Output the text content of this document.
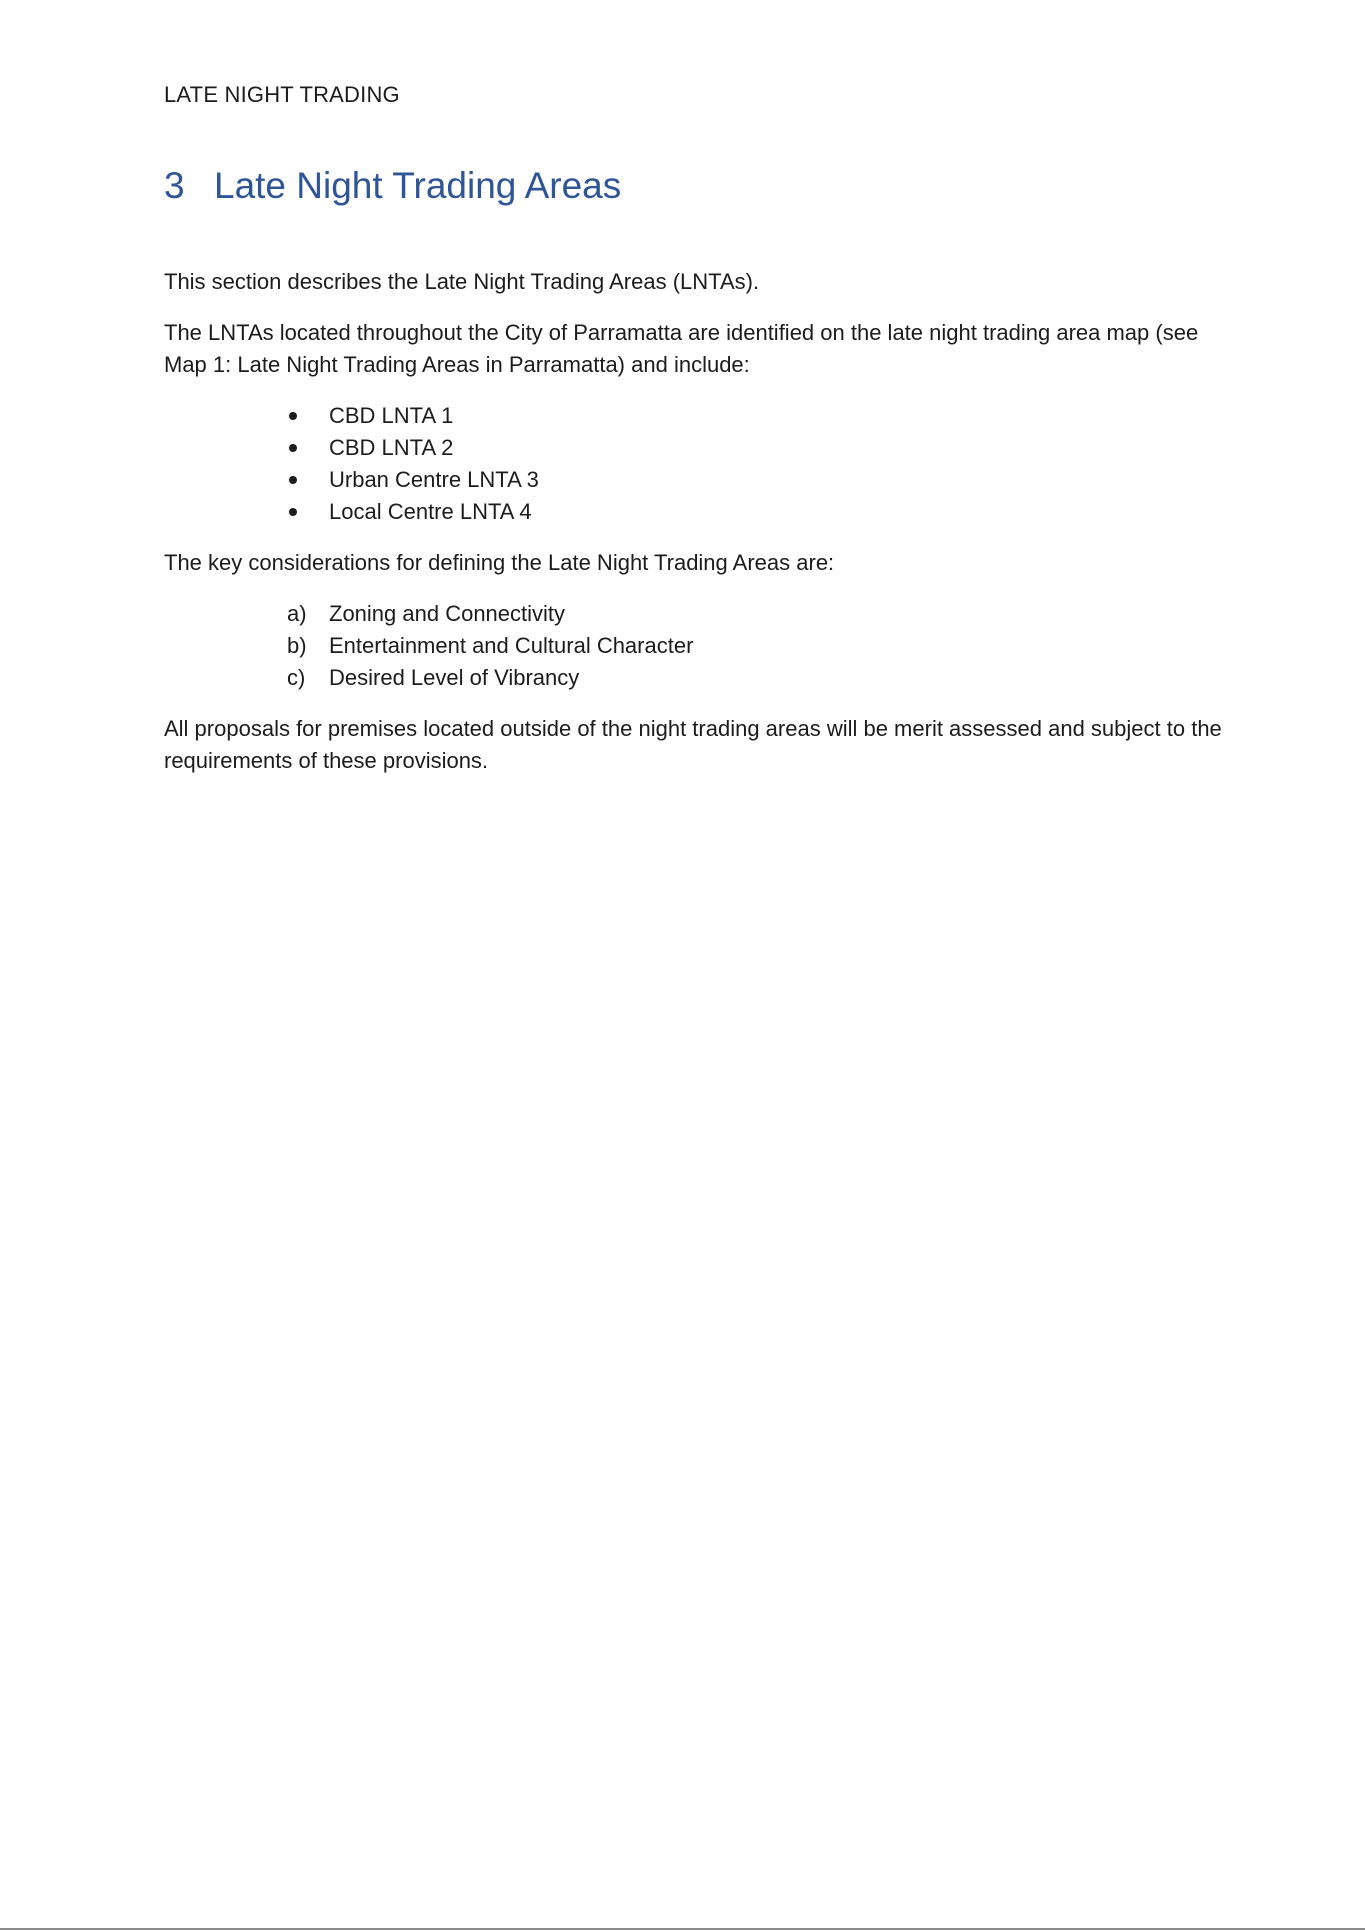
LATE NIGHT TRADING
3 Late Night Trading Areas

This section describes the Late Night Trading Areas (LNTAs).

The LNTAs located throughout the City of Parramatta are identified on the late night trading area map (see Map 1: Late Night Trading Areas in Parramatta) and include:

CBD LNTA 1
CBD LNTA 2
Urban Centre LNTA 3
Local Centre LNTA 4

The key considerations for defining the Late Night Trading Areas are:

a)	Zoning and Connectivity
b)	Entertainment and Cultural Character
c)	Desired Level of Vibrancy

All proposals for premises located outside of the night trading areas will be merit assessed and subject to the requirements of these provisions.
